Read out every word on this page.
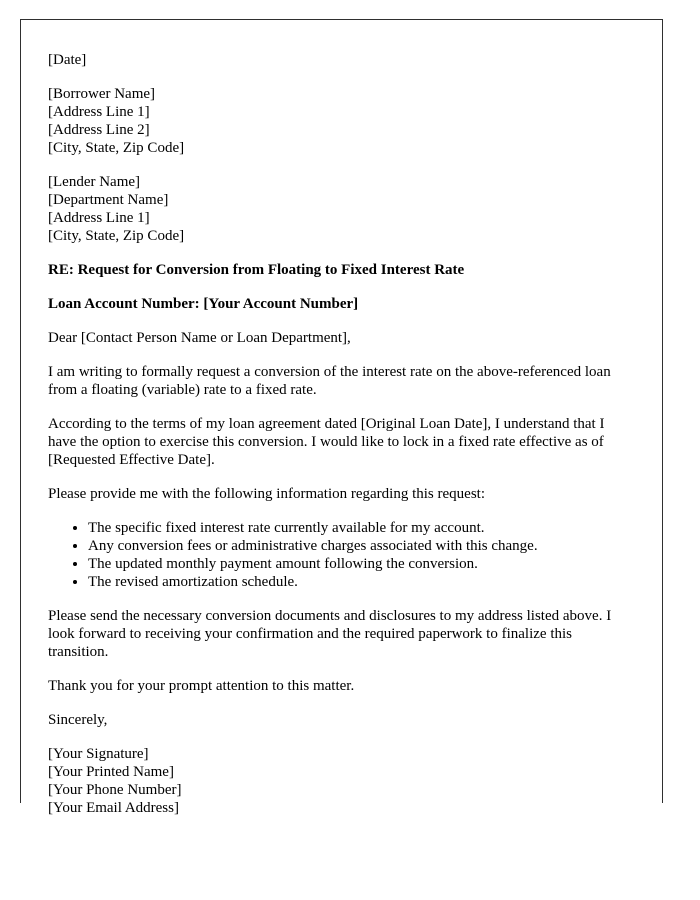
[Date]

[Borrower Name]
[Address Line 1]
[Address Line 2]
[City, State, Zip Code]

[Lender Name]
[Department Name]
[Address Line 1]
[City, State, Zip Code]

RE: Request for Conversion from Floating to Fixed Interest Rate

Loan Account Number: [Your Account Number]

Dear [Contact Person Name or Loan Department],

I am writing to formally request a conversion of the interest rate on the above-referenced loan from a floating (variable) rate to a fixed rate.

According to the terms of my loan agreement dated [Original Loan Date], I understand that I have the option to exercise this conversion. I would like to lock in a fixed rate effective as of [Requested Effective Date].

Please provide me with the following information regarding this request:

• The specific fixed interest rate currently available for my account.
• Any conversion fees or administrative charges associated with this change.
• The updated monthly payment amount following the conversion.
• The revised amortization schedule.

Please send the necessary conversion documents and disclosures to my address listed above. I look forward to receiving your confirmation and the required paperwork to finalize this transition.

Thank you for your prompt attention to this matter.

Sincerely,

[Your Signature]
[Your Printed Name]
[Your Phone Number]
[Your Email Address]
